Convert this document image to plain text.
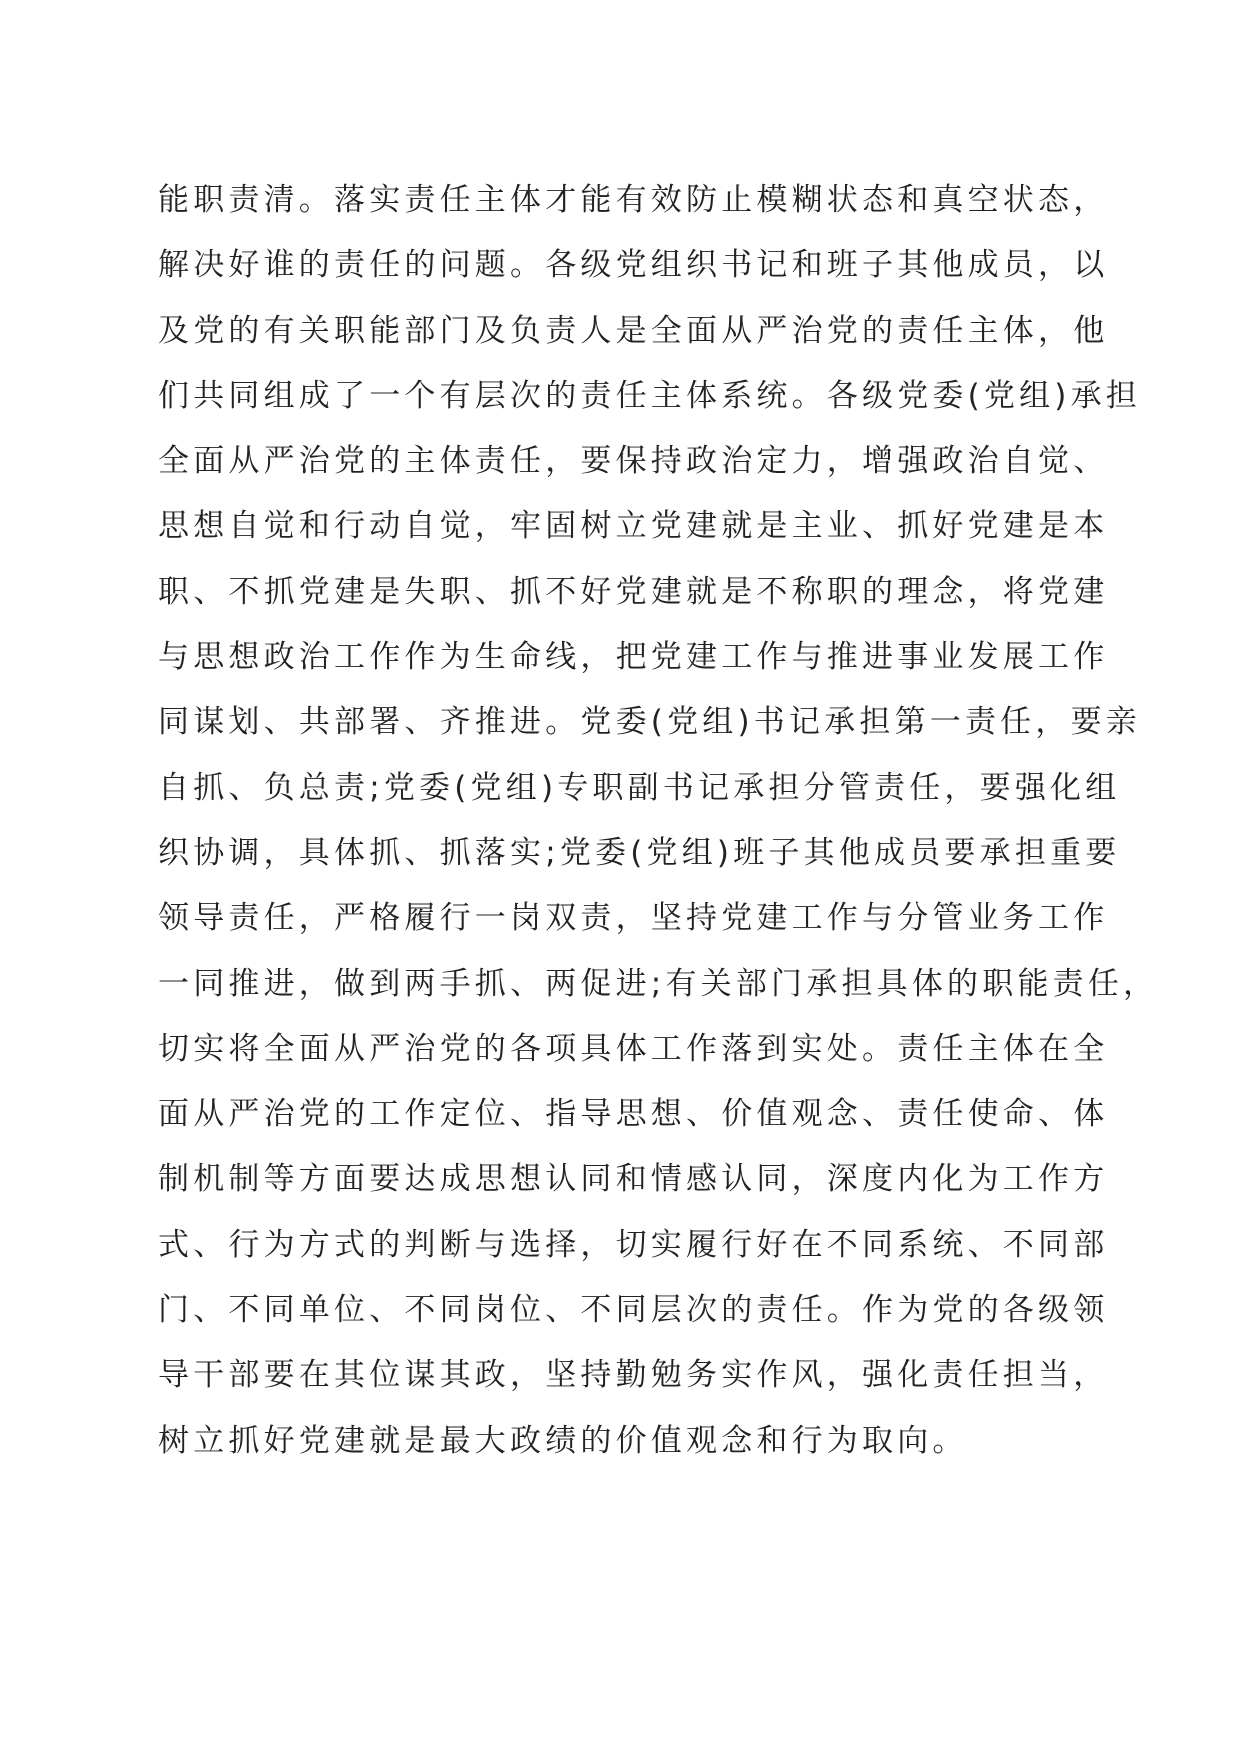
能职责清。落实责任主体才能有效防止模糊状态和真空状态，
解决好谁的责任的问题。各级党组织书记和班子其他成员，以
及党的有关职能部门及负责人是全面从严治党的责任主体，他
们共同组成了一个有层次的责任主体系统。各级党委(党组)承担
全面从严治党的主体责任，要保持政治定力，增强政治自觉、
思想自觉和行动自觉，牢固树立党建就是主业、抓好党建是本
职、不抓党建是失职、抓不好党建就是不称职的理念，将党建
与思想政治工作作为生命线，把党建工作与推进事业发展工作
同谋划、共部署、齐推进。党委(党组)书记承担第一责任，要亲
自抓、负总责;党委(党组)专职副书记承担分管责任，要强化组
织协调，具体抓、抓落实;党委(党组)班子其他成员要承担重要
领导责任，严格履行一岗双责，坚持党建工作与分管业务工作
一同推进，做到两手抓、两促进;有关部门承担具体的职能责任，
切实将全面从严治党的各项具体工作落到实处。责任主体在全
面从严治党的工作定位、指导思想、价值观念、责任使命、体
制机制等方面要达成思想认同和情感认同，深度内化为工作方
式、行为方式的判断与选择，切实履行好在不同系统、不同部
门、不同单位、不同岗位、不同层次的责任。作为党的各级领
导干部要在其位谋其政，坚持勤勉务实作风，强化责任担当，
树立抓好党建就是最大政绩的价值观念和行为取向。
